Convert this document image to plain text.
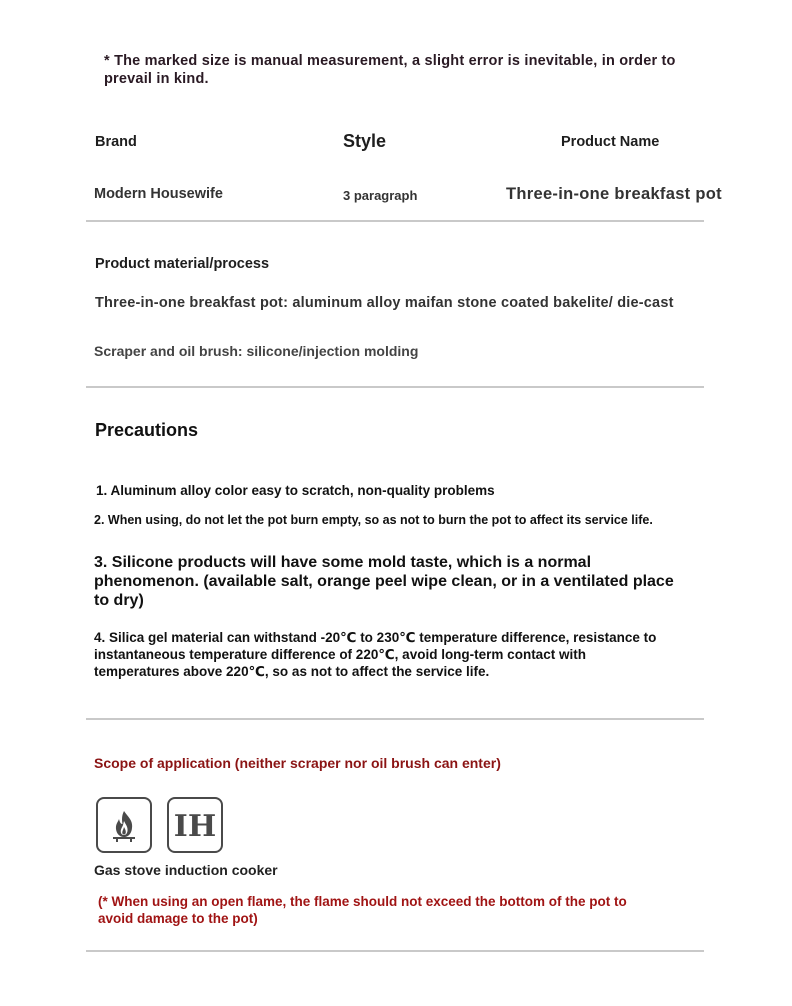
* The marked size is manual measurement, a slight error is inevitable, in order to prevail in kind.
Brand	Style	Product Name
Modern Housewife	3 paragraph	Three-in-one breakfast pot
Product material/process
Three-in-one breakfast pot: aluminum alloy maifan stone coated bakelite/ die-cast
Scraper and oil brush: silicone/injection molding
Precautions
1. Aluminum alloy color easy to scratch, non-quality problems
2. When using, do not let the pot burn empty, so as not to burn the pot to affect its service life.
3. Silicone products will have some mold taste, which is a normal phenomenon. (available salt, orange peel wipe clean, or in a ventilated place to dry)
4. Silica gel material can withstand -20℃ to 230℃ temperature difference, resistance to instantaneous temperature difference of 220℃, avoid long-term contact with temperatures above 220℃, so as not to affect the service life.
Scope of application (neither scraper nor oil brush can enter)
IH
Gas stove induction cooker
(* When using an open flame, the flame should not exceed the bottom of the pot to avoid damage to the pot)
